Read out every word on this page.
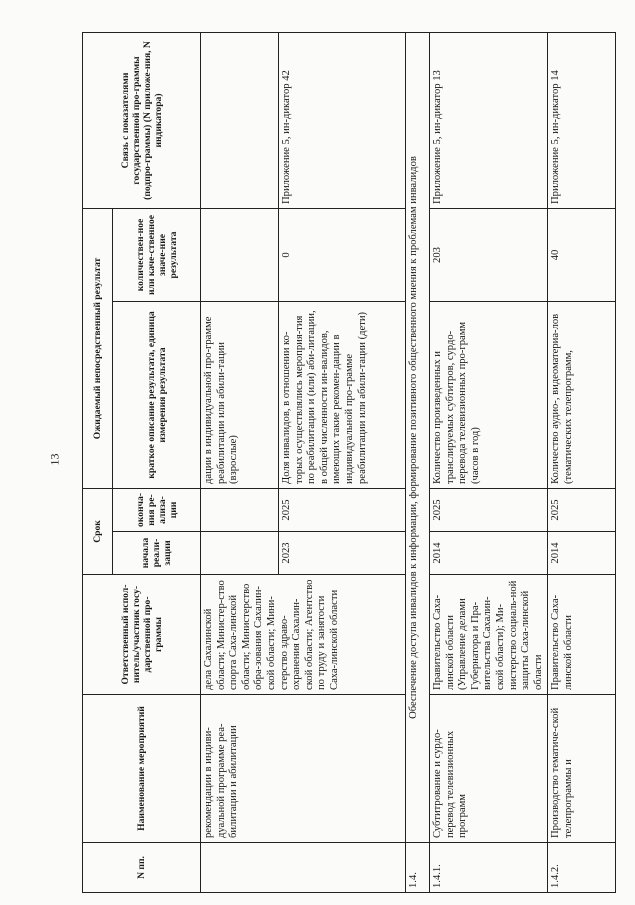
13
N пп.	Наименование мероприятий	Ответственный испол-нитель/участник госу-дарственной про-граммы	Срок		Ожидаемый непосредственный результат		Связь с показателями государственной про-граммы (подпро-граммы) (N приложе-ния, N индикатора)
			начала реали-зации	оконча-ния ре-ализа-ции	краткое описание результата, единица измерения результата	количествен-ное или каче-ственное значе-ние результата	
	рекомендации в индиви-дуальной программе реа-билитации и абилитации	дела Сахалинской области; Министер-ство спорта Саха-линской области; Министерство обра-зования Сахалин-ской области; Мини-стерство здраво-охранения Сахалин-ской области; Агентство по труду и занятости Саха-линской области			дации в индивидуальной про-грамме реабилитации или абили-тации (взрослые)		
			2023	2025	Доля инвалидов, в отношении ко-торых осуществлялись мероприя-тия по реабилитации и (или) аби-литации, в общей численности ин-валидов, имеющих такие рекомен-дации в индивидуальной про-грамме реабилитации или абили-тации (дети)	0	Приложение 5, ин-дикатор 42
1.4.	Обеспечение доступа инвалидов к информации, формирование позитивного общественного мнения к проблемам инвалидов						
1.4.1.	Субтитрование и сурдо-перевод телевизионных программ	Правительство Саха-линской области (Управление делами Губернатора и Пра-вительства Сахалин-ской области); Ми-нистерство социаль-ной защиты Саха-линской области	2014	2025	Количество произведенных и транслируемых субтитров, сурдо-перевода телевизионных про-грамм (часов в год)	203	Приложение 5, ин-дикатор 13
1.4.2.	Производство тематиче-ской телепрограммы и	Правительство Саха-линской области	2014	2025	Количество аудио-, видеоматериа-лов (тематических телепрограмм,	40	Приложение 5, ин-дикатор 14
